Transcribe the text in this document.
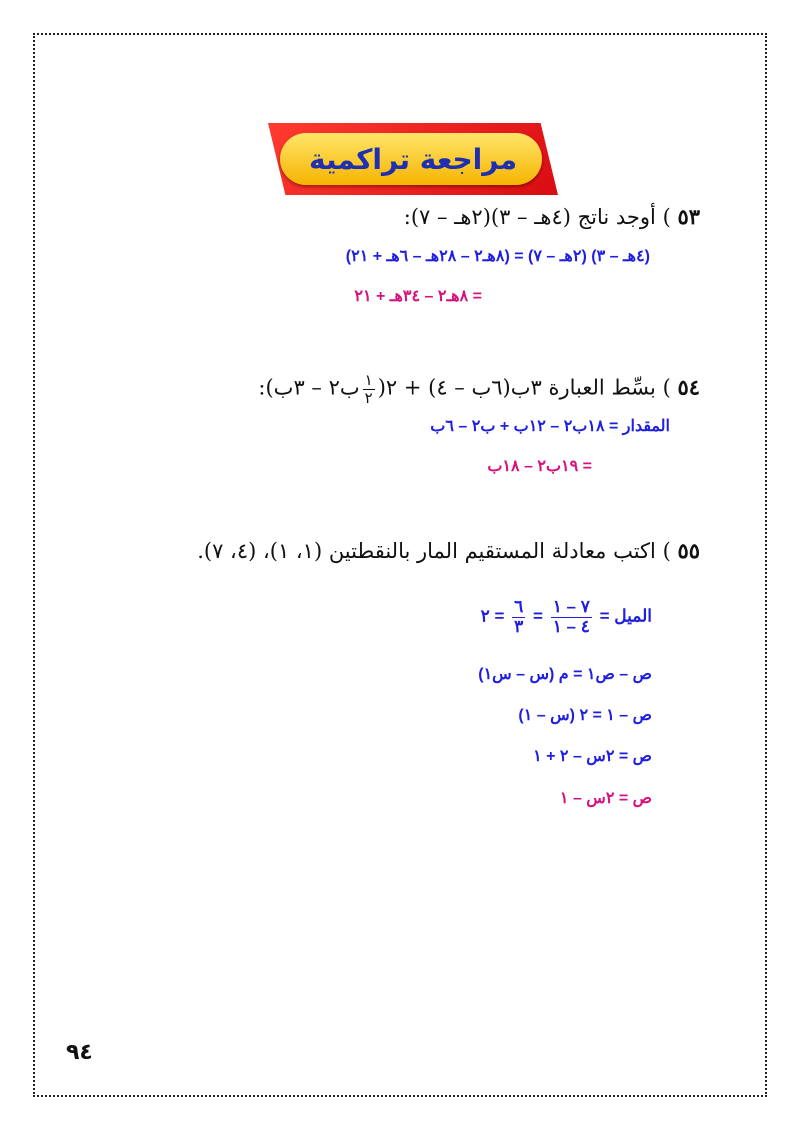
مراجعة تراكمية
٥٣ ) أوجد ناتج (٤هـ – ٣)(٢هـ – ٧):
(٤هـ – ٣) (٢هـ – ٧) = (٨هـ٢ – ٢٨هـ – ٦هـ + ٢١)
= ٨هـ٢ – ٣٤هـ + ٢١
٥٤ ) بسِّط العبارة ٣ب(٦ب – ٤) + ٢(
$\frac{١}{٢}$
ب٢ – ٣ب):
المقدار = ١٨ب٢ – ١٢ب + ب٢ – ٦ب
= ١٩ب٢ – ١٨ب
٥٥ ) اكتب معادلة المستقيم المار بالنقطتين (١، ١)، (٤، ٧).
الميل =
$\frac{٧ - ١}{٤ - ١}$
=
$\frac{٦}{٣}$
= ٢
ص – ص١ = م (س – س١)
ص – ١ = ٢ (س – ١)
ص = ٢س – ٢ + ١
ص = ٢س – ١
٩٤
